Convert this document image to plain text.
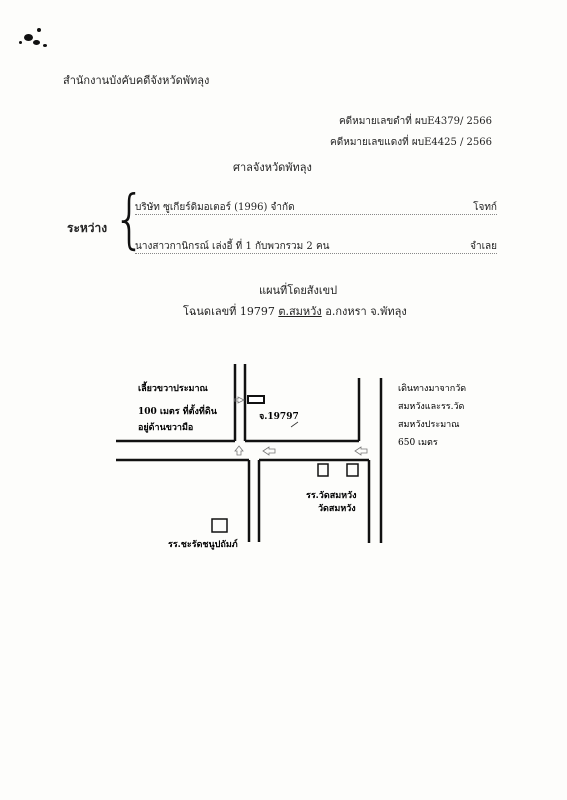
สำนักงานบังคับคดีจังหวัดพัทลุง
คดีหมายเลขดำที่ ผบE4379/ 2566
คดีหมายเลขแดงที่ ผบE4425 / 2566
ศาลจังหวัดพัทลุง
ระหว่าง {
บริษัท ซูเกียร์ดิมอเตอร์ (1996) จำกัด	โจทก์
นางสาวกานิกรณ์ เล่งอี้ ที่ 1 กับพวกรวม 2 คน	จำเลย
แผนที่โดยสังเขป
โฉนดเลขที่ 19797 ต.สมหวัง อ.กงหรา จ.พัทลุง
เลี้ยวขวาประมาณ
100 เมตร ที่ตั้งที่ดิน
อยู่ด้านขวามือ
จ.19797
เดินทางมาจากวัด
สมหวังและรร.วัด
สมหวังประมาณ
650 เมตร
รร.วัดสมหวัง
วัดสมหวัง
รร.ชะรัดชนูปถัมภ์
